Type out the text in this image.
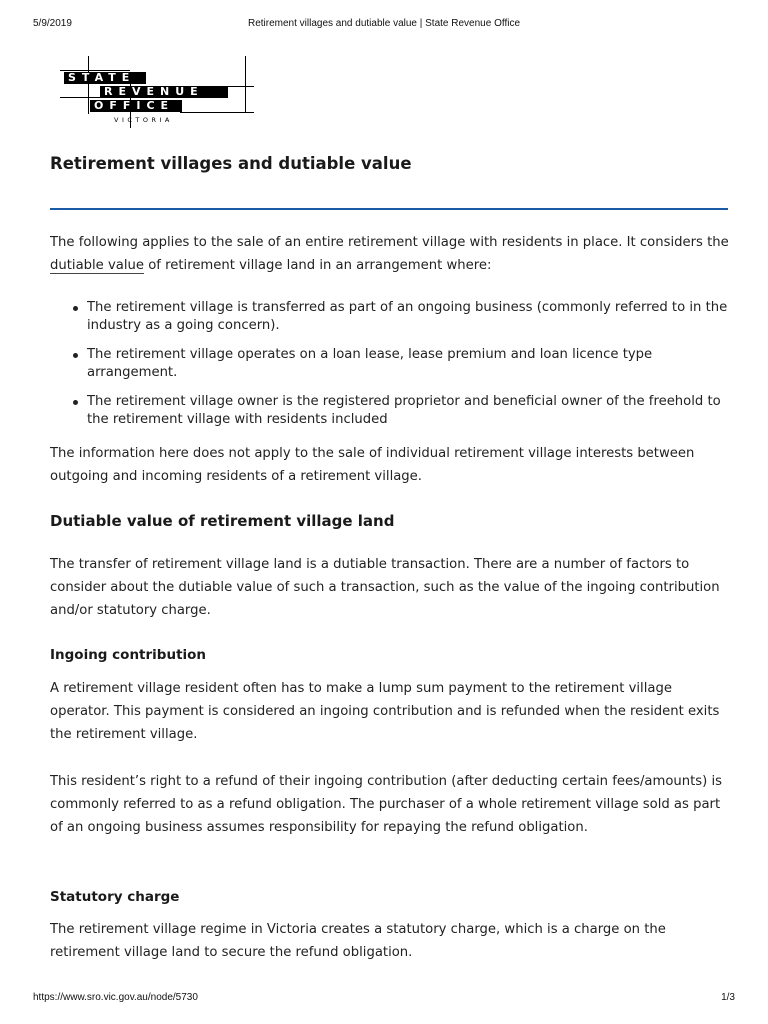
5/9/2019	Retirement villages and dutiable value | State Revenue Office
STATE
REVENUE
OFFICE
VICTORIA
Retirement villages and dutiable value

The following applies to the sale of an entire retirement village with residents in place. It considers the dutiable value of retirement village land in an arrangement where:

The retirement village is transferred as part of an ongoing business (commonly referred to in the industry as a going concern).
The retirement village operates on a loan lease, lease premium and loan licence type arrangement.
The retirement village owner is the registered proprietor and beneficial owner of the freehold to the retirement village with residents included

The information here does not apply to the sale of individual retirement village interests between outgoing and incoming residents of a retirement village.

Dutiable value of retirement village land

The transfer of retirement village land is a dutiable transaction. There are a number of factors to consider about the dutiable value of such a transaction, such as the value of the ingoing contribution and/or statutory charge.

Ingoing contribution

A retirement village resident often has to make a lump sum payment to the retirement village operator. This payment is considered an ingoing contribution and is refunded when the resident exits the retirement village.

This resident’s right to a refund of their ingoing contribution (after deducting certain fees/amounts) is commonly referred to as a refund obligation. The purchaser of a whole retirement village sold as part of an ongoing business assumes responsibility for repaying the refund obligation.

Statutory charge

The retirement village regime in Victoria creates a statutory charge, which is a charge on the retirement village land to secure the refund obligation.

https://www.sro.vic.gov.au/node/5730	1/3
